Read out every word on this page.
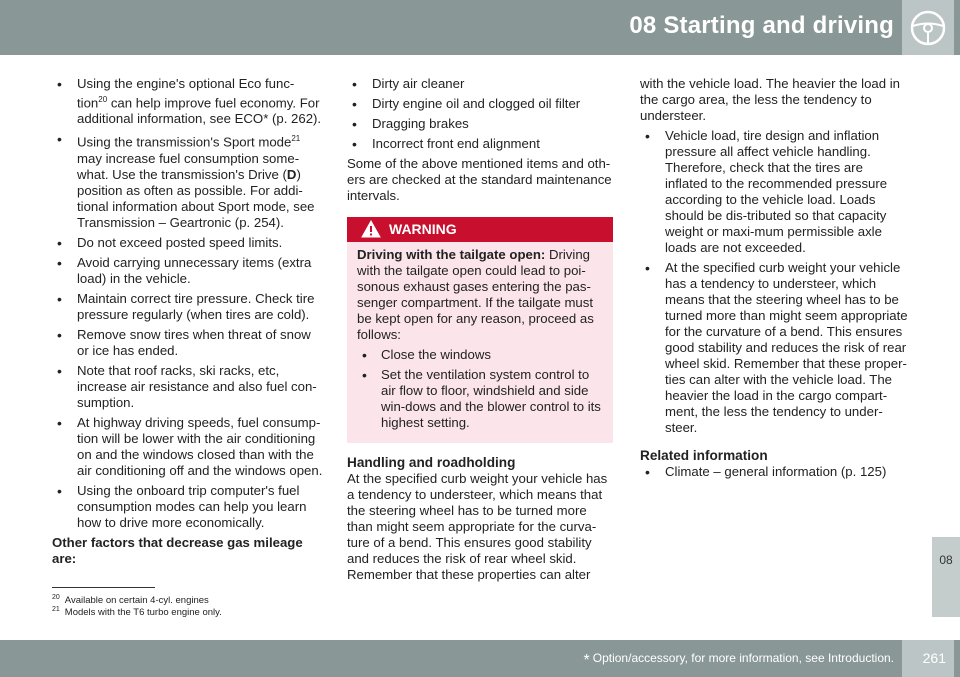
08 Starting and driving
• Using the engine's optional Eco func-tion$^{20}$ can help improve fuel economy. For additional information, see ECO* (p. 262).
• Using the transmission's Sport mode$^{21}$ may increase fuel consumption some-what. Use the transmission's Drive (D) position as often as possible. For addi-tional information about Sport mode, see Transmission – Geartronic (p. 254).
• Do not exceed posted speed limits.
• Avoid carrying unnecessary items (extra load) in the vehicle.
• Maintain correct tire pressure. Check tire pressure regularly (when tires are cold).
• Remove snow tires when threat of snow or ice has ended.
• Note that roof racks, ski racks, etc, increase air resistance and also fuel con-sumption.
• At highway driving speeds, fuel consump-tion will be lower with the air conditioning on and the windows closed than with the air conditioning off and the windows open.
• Using the onboard trip computer's fuel consumption modes can help you learn how to drive more economically.

Other factors that decrease gas mileage are:

• Dirty air cleaner
• Dirty engine oil and clogged oil filter
• Dragging brakes
• Incorrect front end alignment

Some of the above mentioned items and oth-ers are checked at the standard maintenance intervals.

WARNING

Driving with the tailgate open: Driving with the tailgate open could lead to poi-sonous exhaust gases entering the pas-senger compartment. If the tailgate must be kept open for any reason, proceed as follows:

• Close the windows
• Set the ventilation system control to air flow to floor, windshield and side win-dows and the blower control to its highest setting.
Handling and roadholding

At the specified curb weight your vehicle has a tendency to understeer, which means that the steering wheel has to be turned more than might seem appropriate for the curva-ture of a bend. This ensures good stability and reduces the risk of rear wheel skid. Remember that these properties can alter

with the vehicle load. The heavier the load in the cargo area, the less the tendency to understeer.

• Vehicle load, tire design and inflation pressure all affect vehicle handling. Therefore, check that the tires are inflated to the recommended pressure according to the vehicle load. Loads should be dis-tributed so that capacity weight or maxi-mum permissible axle loads are not exceeded.
• At the specified curb weight your vehicle has a tendency to understeer, which means that the steering wheel has to be turned more than might seem appropriate for the curvature of a bend. This ensures good stability and reduces the risk of rear wheel skid. Remember that these proper-ties can alter with the vehicle load. The heavier the load in the cargo compart-ment, the less the tendency to under-steer.
Related information
• Climate – general information (p. 125)
08
$^{20}$ Available on certain 4-cyl. engines
$^{21}$ Models with the T6 turbo engine only.
* Option/accessory, for more information, see Introduction. 261
